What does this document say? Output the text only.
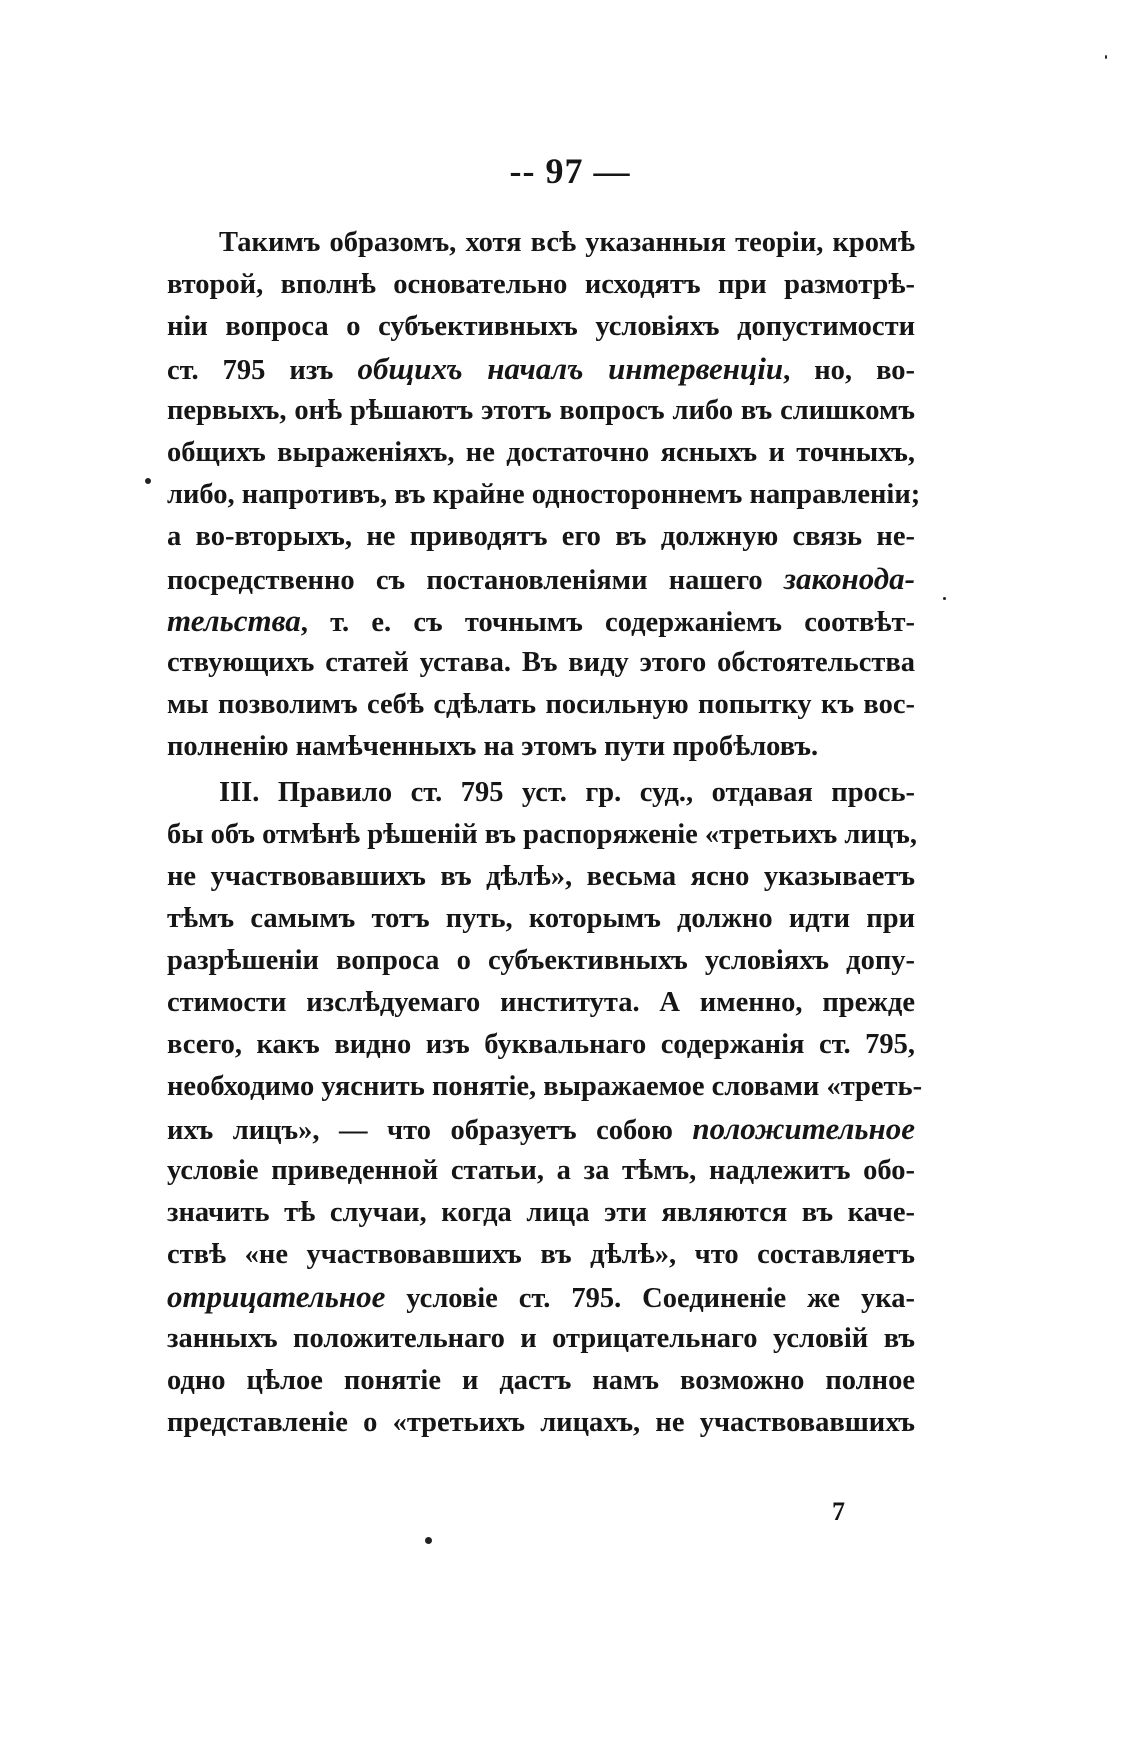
-- 97 —
Такимъ образомъ, хотя всѣ указанныя теоріи, кромѣ
второй, вполнѣ основательно исходятъ при размотрѣ-
ніи вопроса о субъективныхъ условіяхъ допустимости
ст. 795 изъ общихъ началъ интервенціи, но, во-
первыхъ, онѣ рѣшаютъ этотъ вопросъ либо въ слишкомъ
общихъ выраженіяхъ, не достаточно ясныхъ и точныхъ,
либо, напротивъ, въ крайне одностороннемъ направленіи;
а во-вторыхъ, не приводятъ его въ должную связь не-
посредственно съ постановленіями нашего законода-
тельства, т. е. съ точнымъ содержаніемъ соотвѣт-
ствующихъ статей устава. Въ виду этого обстоятельства
мы позволимъ себѣ сдѣлать посильную попытку къ вос-
полненію намѣченныхъ на этомъ пути пробѣловъ.
III. Правило ст. 795 уст. гр. суд., отдавая прось-
бы объ отмѣнѣ рѣшеній въ распоряженіе «третьихъ лицъ,
не участвовавшихъ въ дѣлѣ», весьма ясно указываетъ
тѣмъ самымъ тотъ путь, которымъ должно идти при
разрѣшеніи вопроса о субъективныхъ условіяхъ допу-
стимости изслѣдуемаго института. А именно, прежде
всего, какъ видно изъ буквальнаго содержанія ст. 795,
необходимо уяснить понятіе, выражаемое словами «треть-
ихъ лицъ», — что образуетъ собою положительное
условіе приведенной статьи, а за тѣмъ, надлежитъ обо-
значить тѣ случаи, когда лица эти являются въ каче-
ствѣ «не участвовавшихъ въ дѣлѣ», что составляетъ
отрицательное условіе ст. 795. Соединеніе же ука-
занныхъ положительнаго и отрицательнаго условій въ
одно цѣлое понятіе и дастъ намъ возможно полное
представленіе о «третьихъ лицахъ, не участвовавшихъ
7
